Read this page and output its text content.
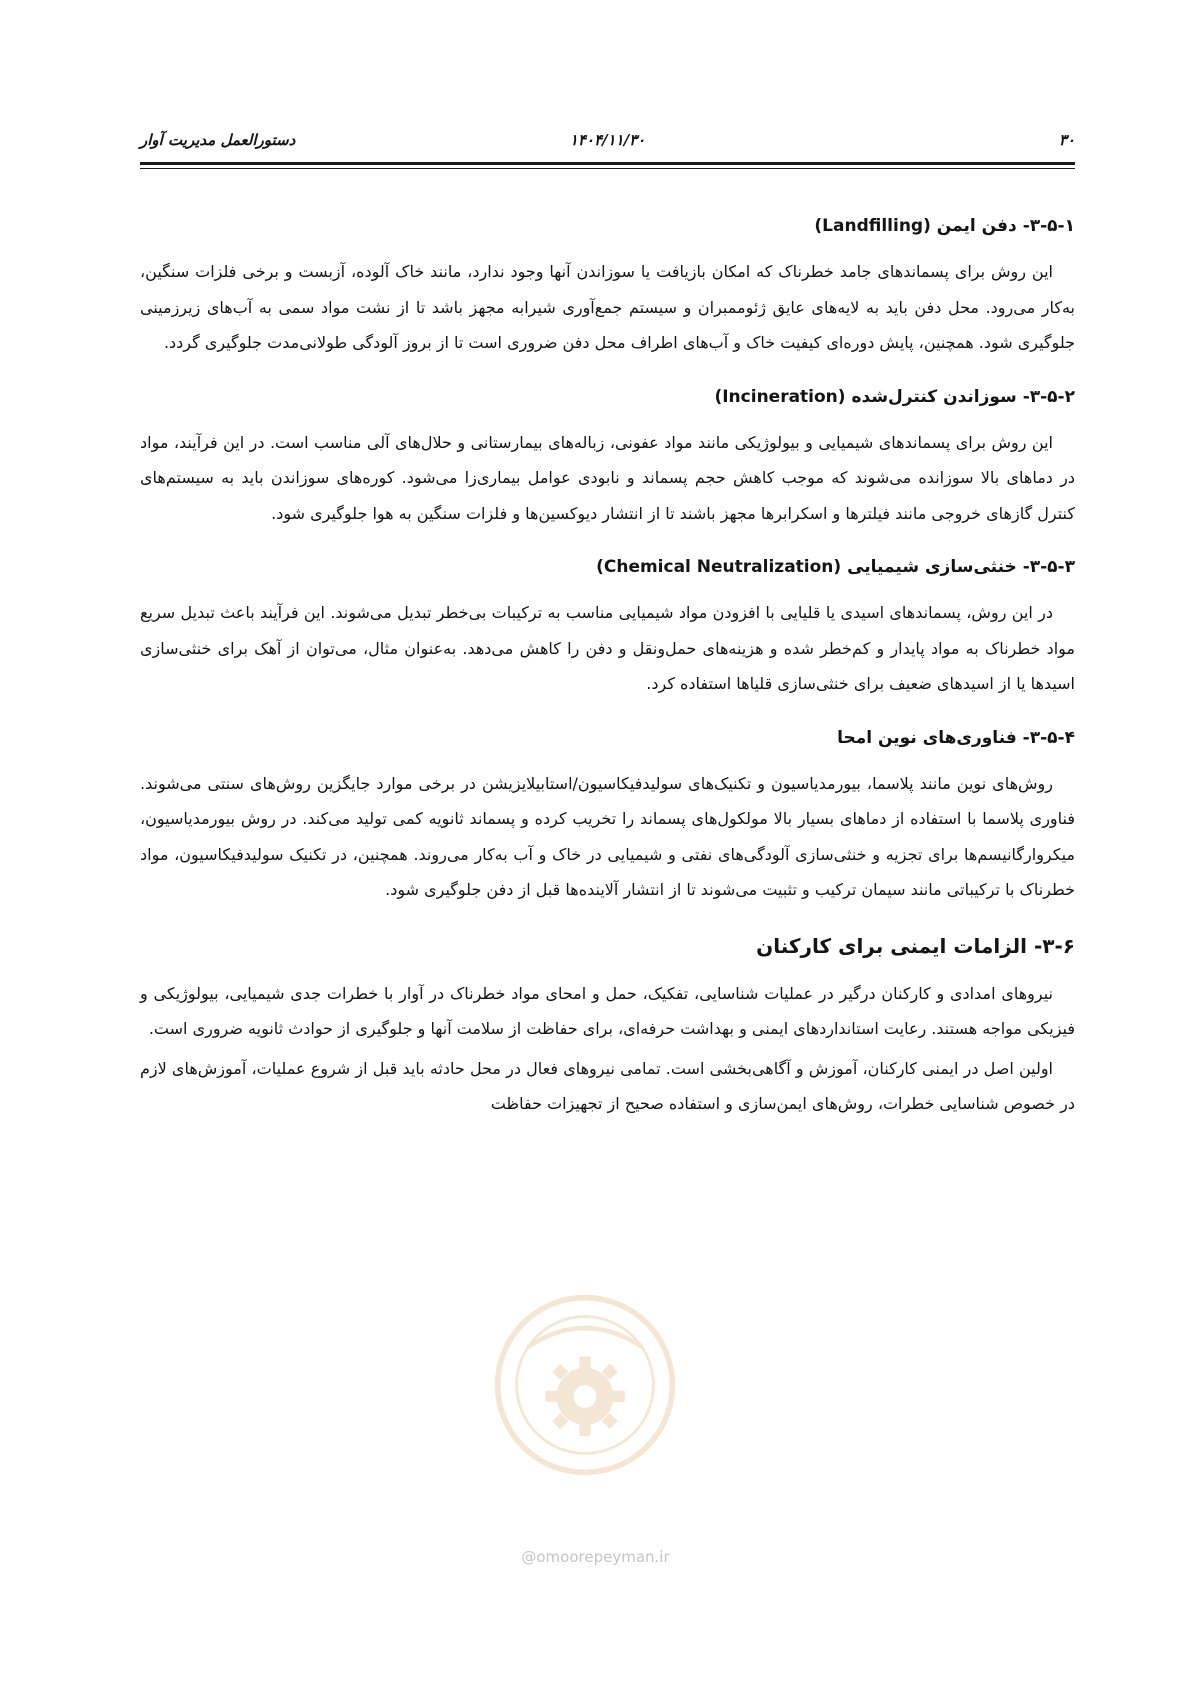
۳۰
۱۴۰۴/۱۱/۳۰
دستورالعمل مدیریت آوار
۳-۵-۱- دفن ایمن (Landfilling)

این روش برای پسماندهای جامد خطرناک که امکان بازیافت یا سوزاندن آنها وجود ندارد، مانند خاک آلوده، آزبست و برخی فلزات سنگین، به‌کار می‌رود. محل دفن باید به لایه‌های عایق ژئوممبران و سیستم جمع‌آوری شیرابه مجهز باشد تا از نشت مواد سمی به آب‌های زیرزمینی جلوگیری شود. همچنین، پایش دوره‌ای کیفیت خاک و آب‌های اطراف محل دفن ضروری است تا از بروز آلودگی طولانی‌مدت جلوگیری گردد.

۳-۵-۲- سوزاندن کنترل‌شده (Incineration)

این روش برای پسماندهای شیمیایی و بیولوژیکی مانند مواد عفونی، زباله‌های بیمارستانی و حلال‌های آلی مناسب است. در این فرآیند، مواد در دماهای بالا سوزانده می‌شوند که موجب کاهش حجم پسماند و نابودی عوامل بیماری‌زا می‌شود. کوره‌های سوزاندن باید به سیستم‌های کنترل گازهای خروجی مانند فیلترها و اسکرابرها مجهز باشند تا از انتشار دیوکسین‌ها و فلزات سنگین به هوا جلوگیری شود.

۳-۵-۳- خنثی‌سازی شیمیایی (Chemical Neutralization)

در این روش، پسماندهای اسیدی یا قلیایی با افزودن مواد شیمیایی مناسب به ترکیبات بی‌خطر تبدیل می‌شوند. این فرآیند باعث تبدیل سریع مواد خطرناک به مواد پایدار و کم‌خطر شده و هزینه‌های حمل‌ونقل و دفن را کاهش می‌دهد. به‌عنوان مثال، می‌توان از آهک برای خنثی‌سازی اسیدها یا از اسیدهای ضعیف برای خنثی‌سازی قلیاها استفاده کرد.

۳-۵-۴- فناوری‌های نوین امحا

روش‌های نوین مانند پلاسما، بیورمدیاسیون و تکنیک‌های سولیدفیکاسیون/استابیلایزیشن در برخی موارد جایگزین روش‌های سنتی می‌شوند. فناوری پلاسما با استفاده از دماهای بسیار بالا مولکول‌های پسماند را تخریب کرده و پسماند ثانویه کمی تولید می‌کند. در روش بیورمدیاسیون، میکروارگانیسم‌ها برای تجزیه و خنثی‌سازی آلودگی‌های نفتی و شیمیایی در خاک و آب به‌کار می‌روند. همچنین، در تکنیک سولیدفیکاسیون، مواد خطرناک با ترکیباتی مانند سیمان ترکیب و تثبیت می‌شوند تا از انتشار آلاینده‌ها قبل از دفن جلوگیری شود.

۳-۶- الزامات ایمنی برای کارکنان

نیروهای امدادی و کارکنان درگیر در عملیات شناسایی، تفکیک، حمل و امحای مواد خطرناک در آوار با خطرات جدی شیمیایی، بیولوژیکی و فیزیکی مواجه هستند. رعایت استانداردهای ایمنی و بهداشت حرفه‌ای، برای حفاظت از سلامت آنها و جلوگیری از حوادث ثانویه ضروری است.

اولین اصل در ایمنی کارکنان، آموزش و آگاهی‌بخشی است. تمامی نیروهای فعال در محل حادثه باید قبل از شروع عملیات، آموزش‌های لازم در خصوص شناسایی خطرات، روش‌های ایمن‌سازی و استفاده صحیح از تجهیزات حفاظت

@omoorepeyman.ir
